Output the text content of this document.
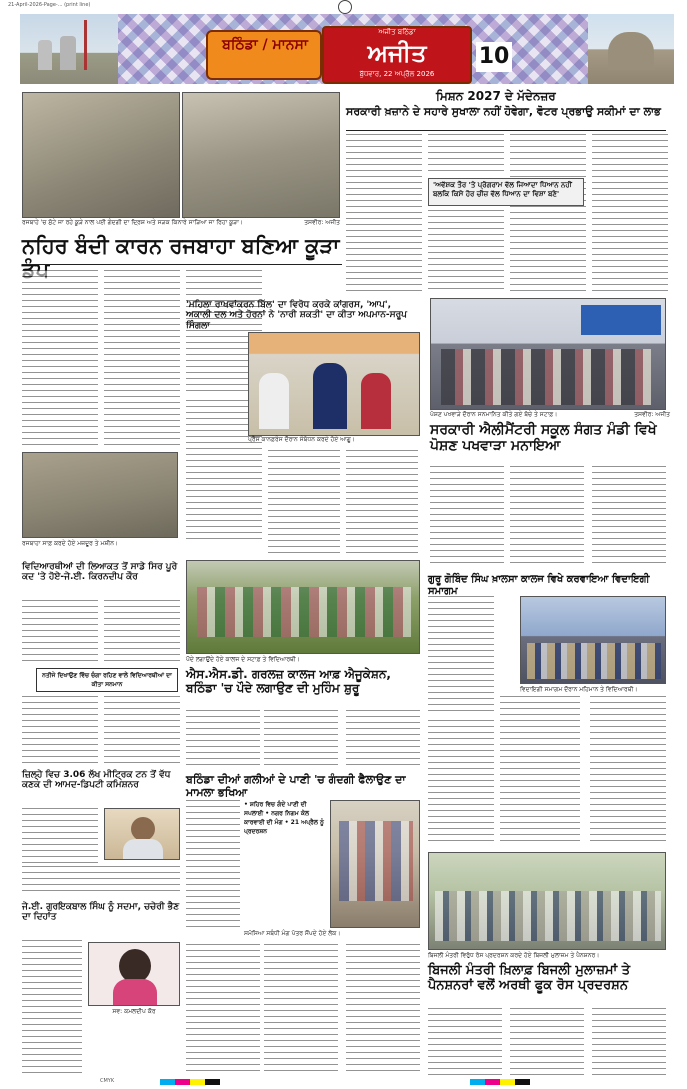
21-April-2026-Page-... (print line)
ਬਠਿੰਡਾ / ਮਾਨਸਾ
ਅਜੀਤ ਬਠਿੰਡਾ
ਅਜੀਤ
ਬੁੱਧਵਾਰ, 22 ਅਪ੍ਰੈਲ 2026
10
ਰਜਬਾਹੇ 'ਚ ਸੁੱਟੇ ਜਾ ਰਹੇ ਕੂੜੇ ਨਾਲ ਪਈ ਗੰਦਗੀ ਦਾ ਦ੍ਰਿਸ਼ ਅਤੇ ਸੜਕ ਕਿਨਾਰੇ ਸਾੜਿਆ ਜਾ ਰਿਹਾ ਕੂੜਾ।	ਤਸਵੀਰ: ਅਜੀਤ
ਨਹਿਰ ਬੰਦੀ ਕਾਰਨ ਰਜਬਾਹਾ ਬਣਿਆ ਕੂੜਾ
ਮਿਸ਼ਨ 2027 ਦੇ ਮੱਦੇਨਜ਼ਰ
ਸਰਕਾਰੀ ਖ਼ਜ਼ਾਨੇ ਦੇ ਸਹਾਰੇ ਸੁਖਾਲਾ ਨਹੀਂ ਹੋਵੇਗਾ, ਵੋਟਰ ਪ੍ਰਭਾਉ ਸਕੀਮਾਂ ਦਾ ਲਾਭ
'ਅਵੱਸ਼ਕ ਤੌਰ 'ਤੇ ਪ੍ਰੋਗਰਾਮ ਵੱਲ ਜਿਆਦਾ ਧਿਆਨ ਨਹੀਂ ਬਲਕਿ ਕਿਸੇ ਹੋਰ ਚੀਜ਼ ਵੱਲ ਧਿਆਨ ਦਾ ਵਿਸ਼ਾ ਬਣੇ'
ਰਜਬਾਹਾ ਸਾਫ਼ ਕਰਦੇ ਹੋਏ ਮਜ਼ਦੂਰ ਤੇ ਮਸ਼ੀਨ।
'ਮਹਿਲਾ ਰਾਖਵਾਂਕਰਨ ਬਿੱਲ' ਦਾ ਵਿਰੋਧ ਕਰਕੇ ਕਾਂਗਰਸ, 'ਆਪ', ਅਕਾਲੀ ਦਲ ਅਤੇ ਹੋਰਨਾਂ ਨੇ 'ਨਾਰੀ ਸ਼ਕਤੀ' ਦਾ ਕੀਤਾ ਅਪਮਾਨ-ਸਰੂਪ ਸਿੰਗਲਾ
ਪ੍ਰੈੱਸ ਕਾਨਫ਼ਰੰਸ ਦੌਰਾਨ ਸੰਬੋਧਨ ਕਰਦੇ ਹੋਏ ਆਗੂ।
ਪੋਸ਼ਣ ਪਖਵਾੜੇ ਦੌਰਾਨ ਸਨਮਾਨਿਤ ਕੀਤੇ ਗਏ ਬੱਚੇ ਤੇ ਸਟਾਫ਼।	ਤਸਵੀਰ: ਅਜੀਤ
ਸਰਕਾਰੀ ਐਲੀਮੈਂਟਰੀ ਸਕੂਲ ਸੰਗਤ ਮੰਡੀ ਵਿਖੇ ਪੋਸ਼ਣ ਪਖਵਾੜਾ ਮਨਾਇਆ
ਵਿਦਿਆਰਥੀਆਂ ਦੀ ਲਿਆਕਤ ਤੋਂ ਸਾਡੇ ਸਿਰ ਪੂਰੇ ਕਦ 'ਤੇ ਹੋਏ-ਜੇ.ਈ. ਕਿਰਨਦੀਪ ਕੌਰ
ਨਤੀਜੇ ਦਿਖਾਉਣ ਵਿੱਚ ਚੰਗਾ ਰਹਿਣ ਵਾਲੇ ਵਿਦਿਆਰਥੀਆਂ ਦਾ ਕੀਤਾ ਸਨਮਾਨ
ਪੌਦੇ ਲਗਾਉਂਦੇ ਹੋਏ ਕਾਲਜ ਦੇ ਸਟਾਫ਼ ਤੇ ਵਿਦਿਆਰਥੀ।
ਐਸ.ਐਸ.ਡੀ. ਗਰਲਜ਼ ਕਾਲਜ ਆਫ਼ ਐਜੂਕੇਸ਼ਨ, ਬਠਿੰਡਾ 'ਚ ਪੌਦੇ ਲਗਾਉਣ ਦੀ ਮੁਹਿੰਮ ਸ਼ੁਰੂ
ਗੁਰੂ ਗੋਬਿੰਦ ਸਿੰਘ ਖ਼ਾਲਸਾ ਕਾਲਜ ਵਿਖੇ ਕਰਵਾਇਆ ਵਿਦਾਇਗੀ ਸਮਾਗਮ
ਵਿਦਾਇਗੀ ਸਮਾਗਮ ਦੌਰਾਨ ਮਹਿਮਾਨ ਤੇ ਵਿਦਿਆਰਥੀ।
ਜ਼ਿਲ੍ਹੇ ਵਿਚ 3.06 ਲੱਖ ਮੀਟ੍ਰਿਕ ਟਨ ਤੋਂ ਵੱਧ ਕਣਕ ਦੀ ਆਮਦ-ਡਿਪਟੀ ਕਮਿਸ਼ਨਰ	ਬਠਿੰਡਾ ਦੀਆਂ ਗਲੀਆਂ ਦੇ ਪਾਣੀ 'ਚ ਗੰਦਗੀ ਫੈਲਾਉਣ ਦਾ ਮਾਮਲਾ ਭਖਿਆ
• ਸ਼ਹਿਰ ਵਿਚ ਗੰਦੇ ਪਾਣੀ ਦੀ ਸਪਲਾਈ • ਨਗਰ ਨਿਗਮ ਕੋਲ ਕਾਰਵਾਈ ਦੀ ਮੰਗ • 21 ਅਪ੍ਰੈਲ ਨੂੰ ਪ੍ਰਦਰਸ਼ਨ
ਸਮੱਸਿਆ ਸਬੰਧੀ ਮੰਗ ਪੱਤਰ ਸੌਂਪਦੇ ਹੋਏ ਲੋਕ।
ਜੇ.ਈ. ਗੁਰਇਕਬਾਲ ਸਿੰਘ ਨੂੰ ਸਦਮਾ, ਚਚੇਰੀ ਭੈਣ ਦਾ ਦਿਹਾਂਤ
ਸਵ: ਕਮਲਦੀਪ ਕੌਰ
ਬਿਜਲੀ ਮੰਤਰੀ ਵਿਰੁੱਧ ਰੋਸ ਪ੍ਰਦਰਸ਼ਨ ਕਰਦੇ ਹੋਏ ਬਿਜਲੀ ਮੁਲਾਜ਼ਮ ਤੇ ਪੈਨਸ਼ਨਰ।
ਬਿਜਲੀ ਮੰਤਰੀ ਖ਼ਿਲਾਫ਼ ਬਿਜਲੀ ਮੁਲਾਜ਼ਮਾਂ ਤੇ ਪੈਨਸ਼ਨਰਾਂ ਵਲੋਂ ਅਰਥੀ ਫੂਕ ਰੋਸ ਪ੍ਰਦਰਸ਼ਨ
CMYK
